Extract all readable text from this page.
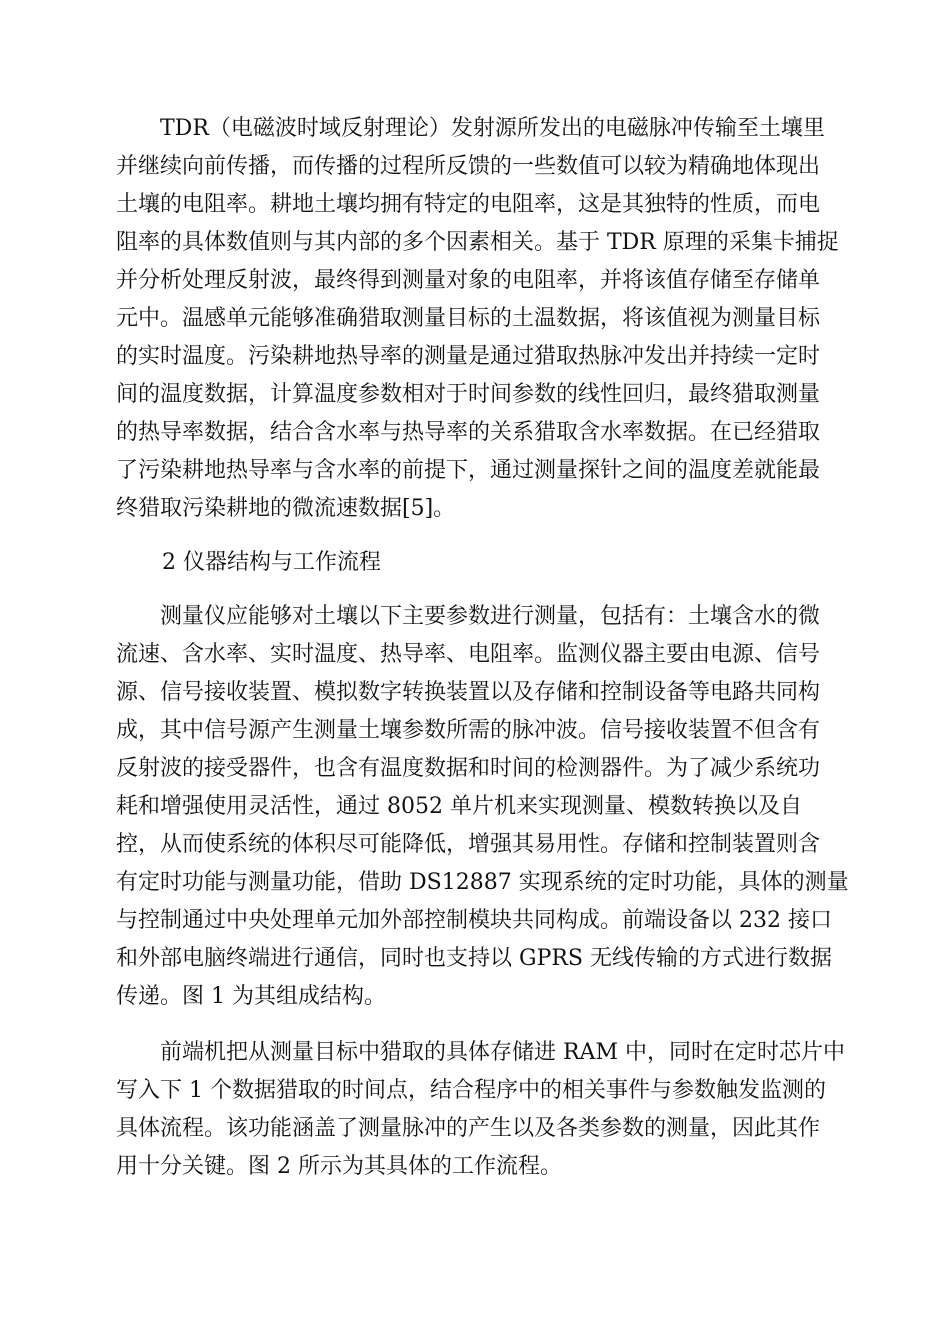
　　TDR（电磁波时域反射理论）发射源所发出的电磁脉冲传输至土壤里
并继续向前传播，而传播的过程所反馈的一些数值可以较为精确地体现出
土壤的电阻率。耕地土壤均拥有特定的电阻率，这是其独特的性质，而电
阻率的具体数值则与其内部的多个因素相关。基于 TDR 原理的采集卡捕捉
并分析处理反射波，最终得到测量对象的电阻率，并将该值存储至存储单
元中。温感单元能够准确猎取测量目标的土温数据，将该值视为测量目标
的实时温度。污染耕地热导率的测量是通过猎取热脉冲发出并持续一定时
间的温度数据，计算温度参数相对于时间参数的线性回归，最终猎取测量
的热导率数据，结合含水率与热导率的关系猎取含水率数据。在已经猎取
了污染耕地热导率与含水率的前提下，通过测量探针之间的温度差就能最
终猎取污染耕地的微流速数据[5]。
2 仪器结构与工作流程
　　测量仪应能够对土壤以下主要参数进行测量，包括有：土壤含水的微
流速、含水率、实时温度、热导率、电阻率。监测仪器主要由电源、信号
源、信号接收装置、模拟数字转换装置以及存储和控制设备等电路共同构
成，其中信号源产生测量土壤参数所需的脉冲波。信号接收装置不但含有
反射波的接受器件，也含有温度数据和时间的检测器件。为了减少系统功
耗和增强使用灵活性，通过 8052 单片机来实现测量、模数转换以及自
控，从而使系统的体积尽可能降低，增强其易用性。存储和控制装置则含
有定时功能与测量功能，借助 DS12887 实现系统的定时功能，具体的测量
与控制通过中央处理单元加外部控制模块共同构成。前端设备以 232 接口
和外部电脑终端进行通信，同时也支持以 GPRS 无线传输的方式进行数据
传递。图 1 为其组成结构。
　　前端机把从测量目标中猎取的具体存储进 RAM 中，同时在定时芯片中
写入下 1 个数据猎取的时间点，结合程序中的相关事件与参数触发监测的
具体流程。该功能涵盖了测量脉冲的产生以及各类参数的测量，因此其作
用十分关键。图 2 所示为其具体的工作流程。
